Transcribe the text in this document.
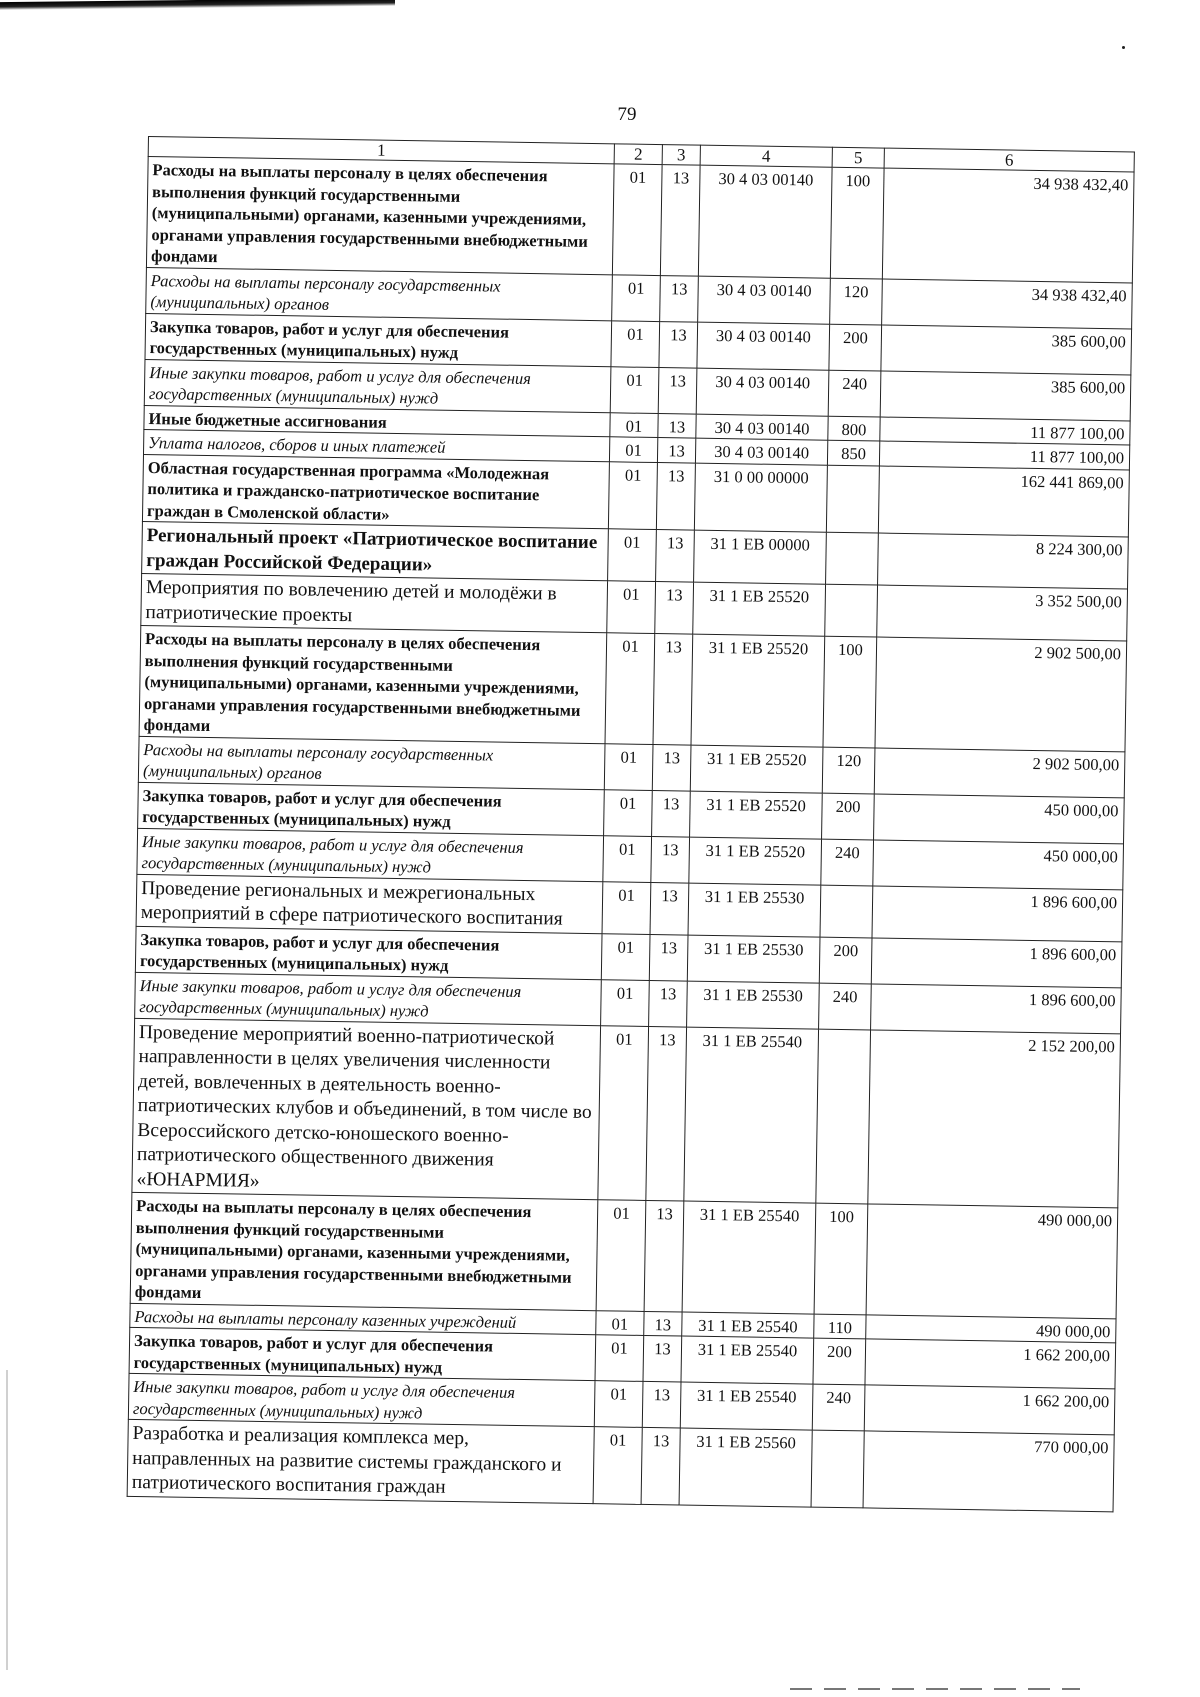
79
1	2	3	4	5	6
Расходы на выплаты персоналу в целях обеспечения выполнения функций государственными (муниципальными) органами, казенными учреждениями, органами управления государственными внебюджетными фондами	01	13	30 4 03 00140	100	34 938 432,40
Расходы на выплаты персоналу государственных (муниципальных) органов	01	13	30 4 03 00140	120	34 938 432,40
Закупка товаров, работ и услуг для обеспечения государственных (муниципальных) нужд	01	13	30 4 03 00140	200	385 600,00
Иные закупки товаров, работ и услуг для обеспечения государственных (муниципальных) нужд	01	13	30 4 03 00140	240	385 600,00
Иные бюджетные ассигнования	01	13	30 4 03 00140	800	11 877 100,00
Уплата налогов, сборов и иных платежей	01	13	30 4 03 00140	850	11 877 100,00
Областная государственная программа «Молодежная политика и гражданско-патриотическое воспитание граждан в Смоленской области»	01	13	31 0 00 00000		162 441 869,00
Региональный проект «Патриотическое воспитание граждан Российской Федерации»	01	13	31 1 EB 00000		8 224 300,00
Мероприятия по вовлечению детей и молодёжи в патриотические проекты	01	13	31 1 EB 25520		3 352 500,00
Расходы на выплаты персоналу в целях обеспечения выполнения функций государственными (муниципальными) органами, казенными учреждениями, органами управления государственными внебюджетными фондами	01	13	31 1 EB 25520	100	2 902 500,00
Расходы на выплаты персоналу государственных (муниципальных) органов	01	13	31 1 EB 25520	120	2 902 500,00
Закупка товаров, работ и услуг для обеспечения государственных (муниципальных) нужд	01	13	31 1 EB 25520	200	450 000,00
Иные закупки товаров, работ и услуг для обеспечения государственных (муниципальных) нужд	01	13	31 1 EB 25520	240	450 000,00
Проведение региональных и межрегиональных мероприятий в сфере патриотического воспитания	01	13	31 1 EB 25530		1 896 600,00
Закупка товаров, работ и услуг для обеспечения государственных (муниципальных) нужд	01	13	31 1 EB 25530	200	1 896 600,00
Иные закупки товаров, работ и услуг для обеспечения государственных (муниципальных) нужд	01	13	31 1 EB 25530	240	1 896 600,00
Проведение мероприятий военно-патриотической направленности в целях увеличения численности детей, вовлеченных в деятельность военно-патриотических клубов и объединений, в том числе во Всероссийского детско-юношеского военно-патриотического общественного движения «ЮНАРМИЯ»	01	13	31 1 EB 25540		2 152 200,00
Расходы на выплаты персоналу в целях обеспечения выполнения функций государственными (муниципальными) органами, казенными учреждениями, органами управления государственными внебюджетными фондами	01	13	31 1 EB 25540	100	490 000,00
Расходы на выплаты персоналу казенных учреждений	01	13	31 1 EB 25540	110	490 000,00
Закупка товаров, работ и услуг для обеспечения государственных (муниципальных) нужд	01	13	31 1 EB 25540	200	1 662 200,00
Иные закупки товаров, работ и услуг для обеспечения государственных (муниципальных) нужд	01	13	31 1 ЕB 25540	240	1 662 200,00
Разработка и реализация комплекса мер, направленных на развитие системы гражданского и патриотического воспитания граждан	01	13	31 1 EB 25560		770 000,00
